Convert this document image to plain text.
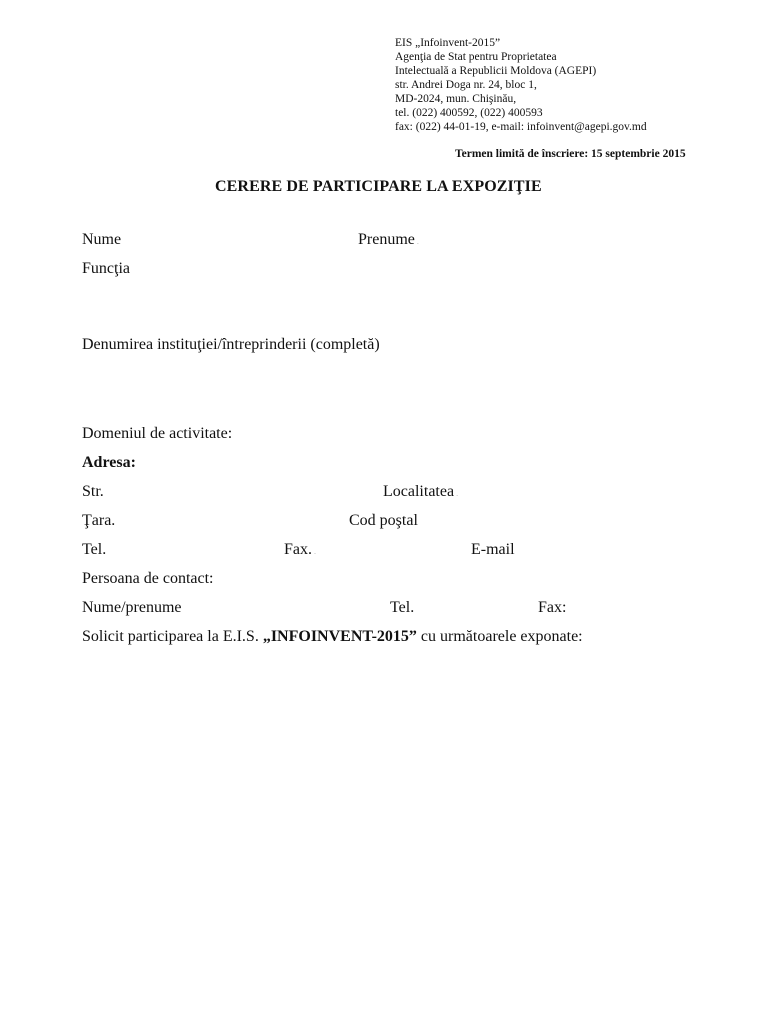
EIS „Infoinvent-2015”
Agenţia de Stat pentru Proprietatea
Intelectuală a Republicii Moldova (AGEPI)
str. Andrei Doga nr. 24, bloc 1,
MD-2024, mun. Chişinău,
tel. (022) 400592, (022) 400593
fax: (022) 44-01-19, e-mail: infoinvent@agepi.gov.md
Termen limită de înscriere: 15 septembrie 2015
CERERE DE PARTICIPARE LA EXPOZIŢIE
Nume	Prenume .
Funcţia
Denumirea instituţiei/întreprinderii (completă)
Domeniul de activitate:
Adresa:
Str.	Localitatea .
Ţara.	Cod poştal
Tel.	Fax. .	E-mail
Persoana de contact:
Nume/prenume	Tel.	Fax:
Solicit participarea la E.I.S. „INFOINVENT-2015” cu următoarele exponate:
